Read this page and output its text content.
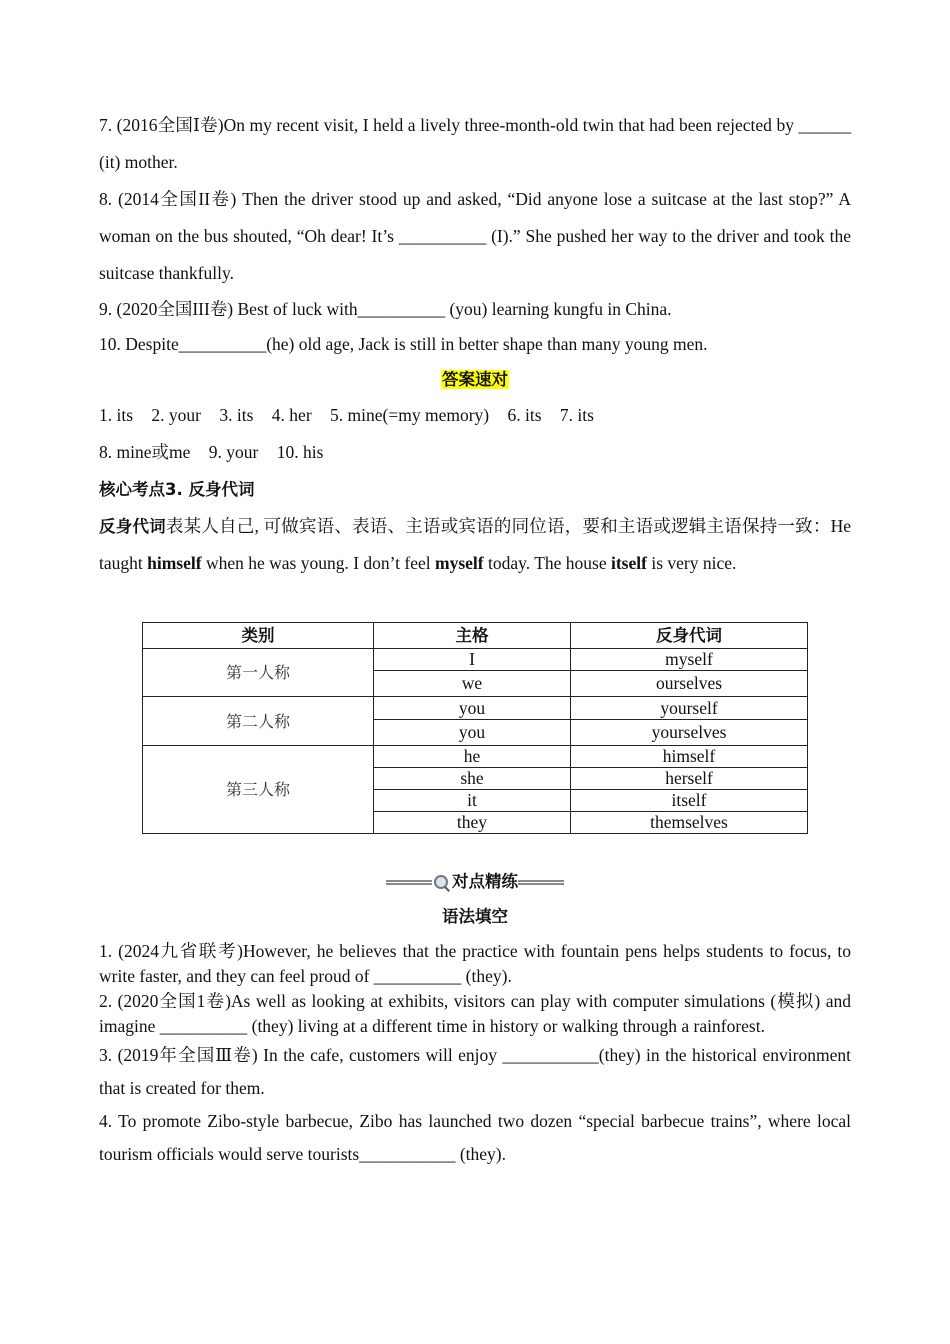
7. (2016全国Ⅰ卷)On my recent visit, I held a lively three-month-old twin that had been rejected by ______ (it) mother.

8. (2014全国II卷) Then the driver stood up and asked, “Did anyone lose a suitcase at the last stop?” A woman on the bus shouted, “Oh dear! It’s __________ (I).” She pushed her way to the driver and took the suitcase thankfully.

9. (2020全国III卷) Best of luck with__________ (you) learning kungfu in China.

10. Despite__________(he) old age, Jack is still in better shape than many young men.

答案速对

1. its 2. your 3. its 4. her 5. mine(=my memory) 6. its 7. its

8. mine或me 9. your 10. his

核心考点3. 反身代词

反身代词表某人自己, 可做宾语、表语、主语或宾语的同位语，要和主语或逻辑主语保持一致：He taught himself when he was young. I don’t feel myself today. The house itself is very nice.

类别	主格	反身代词
第一人称	I	myself
	we	ourselves
第二人称	you	yourself
	you	yourselves
第三人称	he	himself
	she	herself
	it	itself
	they	themselves
对点精练

语法填空

1. (2024九省联考)However, he believes that the practice with fountain pens helps students to focus, to write faster, and they can feel proud of __________ (they).

2. (2020全国1卷)As well as looking at exhibits, visitors can play with computer simulations (模拟) and imagine __________ (they) living at a different time in history or walking through a rainforest.

3. (2019年全国Ⅲ卷) In the cafe, customers will enjoy ___________(they) in the historical environment that is created for them.

4. To promote Zibo-style barbecue, Zibo has launched two dozen “special barbecue trains”, where local tourism officials would serve tourists___________ (they).
